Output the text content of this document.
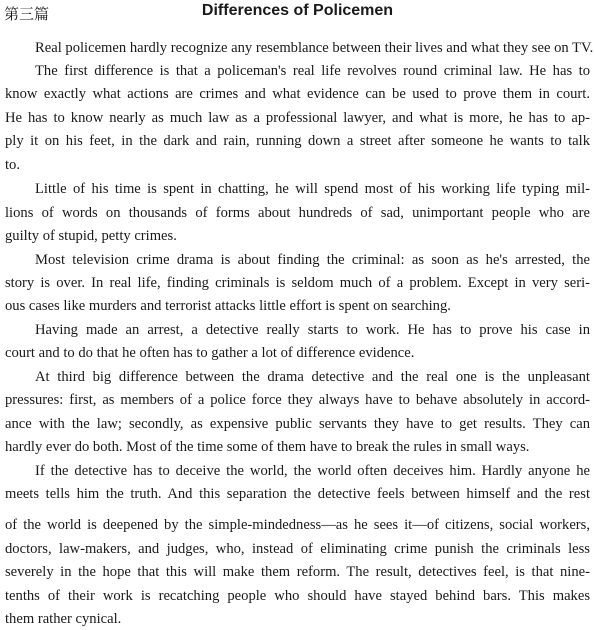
第三篇	Differences of Policemen
Real policemen hardly recognize any resemblance between their lives and what they see on TV.
The first difference is that a policeman's real life revolves round criminal law. He has to
know exactly what actions are crimes and what evidence can be used to prove them in court.
He has to know nearly as much law as a professional lawyer, and what is more, he has to ap-
ply it on his feet, in the dark and rain, running down a street after someone he wants to talk
to.
Little of his time is spent in chatting, he will spend most of his working life typing mil-
lions of words on thousands of forms about hundreds of sad, unimportant people who are
guilty of stupid, petty crimes.
Most television crime drama is about finding the criminal: as soon as he's arrested, the
story is over. In real life, finding criminals is seldom much of a problem. Except in very seri-
ous cases like murders and terrorist attacks little effort is spent on searching.
Having made an arrest, a detective really starts to work. He has to prove his case in
court and to do that he often has to gather a lot of difference evidence.
At third big difference between the drama detective and the real one is the unpleasant
pressures: first, as members of a police force they always have to behave absolutely in accord-
ance with the law; secondly, as expensive public servants they have to get results. They can
hardly ever do both. Most of the time some of them have to break the rules in small ways.
If the detective has to deceive the world, the world often deceives him. Hardly anyone he
meets tells him the truth. And this separation the detective feels between himself and the rest
of the world is deepened by the simple-mindedness—as he sees it—of citizens, social workers,
doctors, law-makers, and judges, who, instead of eliminating crime punish the criminals less
severely in the hope that this will make them reform. The result, detectives feel, is that nine-
tenths of their work is recatching people who should have stayed behind bars. This makes
them rather cynical.
